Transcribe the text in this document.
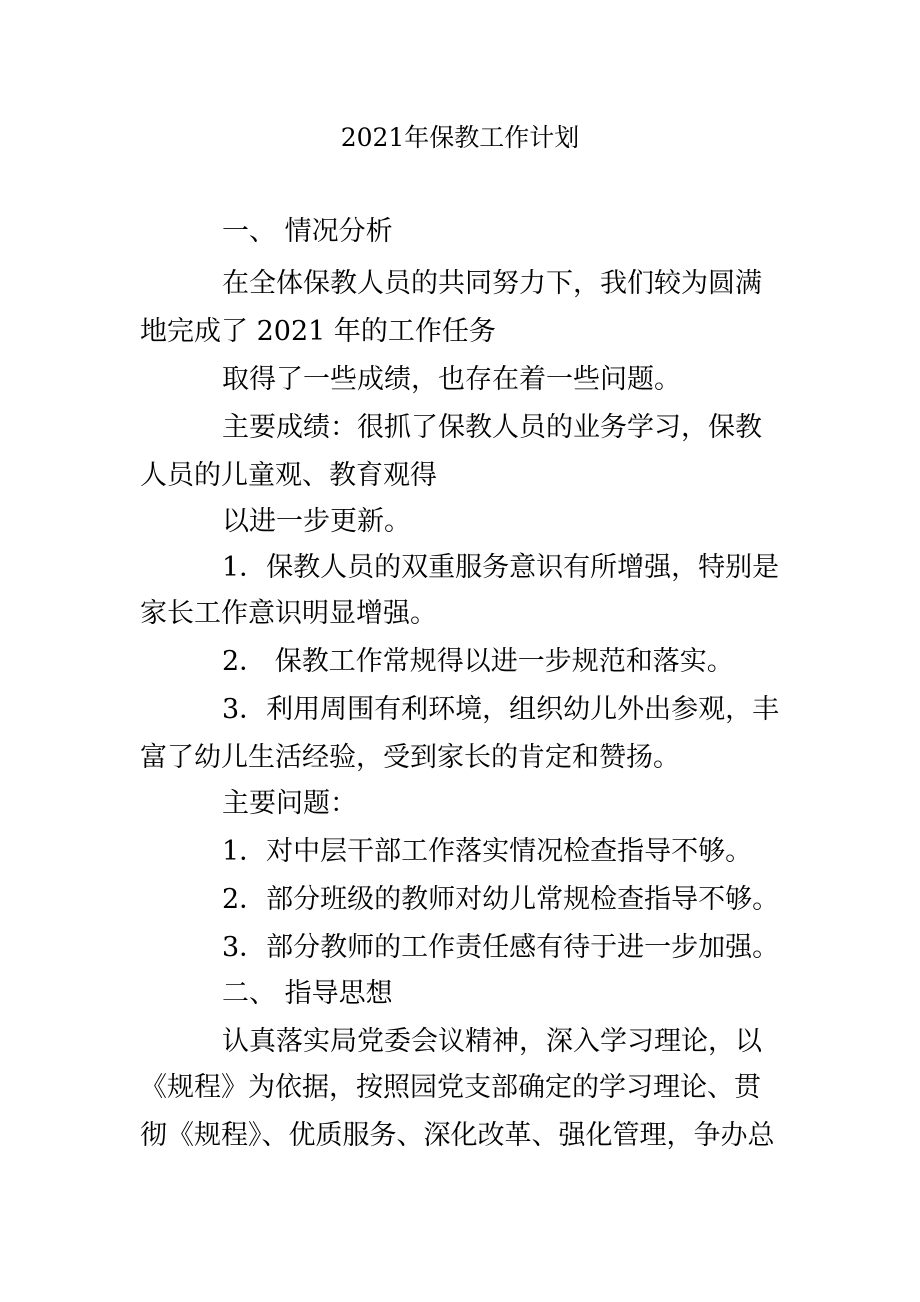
2021年保教工作计划
一、 情况分析
在全体保教人员的共同努力下，我们较为圆满
地完成了 2021 年的工作任务
取得了一些成绩，也存在着一些问题。
主要成绩：很抓了保教人员的业务学习，保教
人员的儿童观、教育观得
以进一步更新。
1．保教人员的双重服务意识有所增强，特别是
家长工作意识明显增强。
2． 保教工作常规得以进一步规范和落实。
3．利用周围有利环境，组织幼儿外出参观，丰
富了幼儿生活经验，受到家长的肯定和赞扬。
主要问题：
1．对中层干部工作落实情况检查指导不够。
2．部分班级的教师对幼儿常规检查指导不够。
3．部分教师的工作责任感有待于进一步加强。
二、 指导思想
认真落实局党委会议精神，深入学习理论，以
《规程》为依据，按照园党支部确定的学习理论、贯
彻《规程》、优质服务、深化改革、强化管理，争办总
